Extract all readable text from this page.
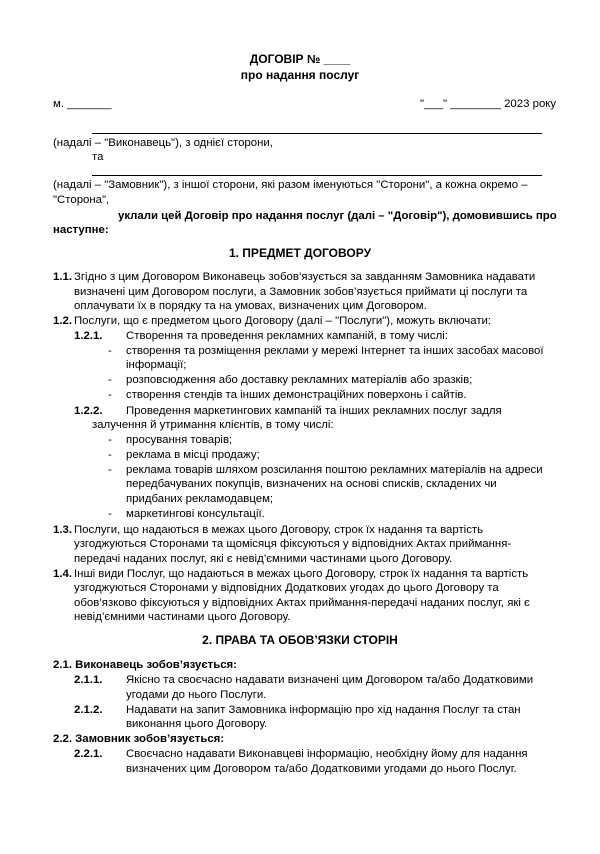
ДОГОВІР № ____
про надання послуг
м. _______	"___" ________ 2023 року
(надалі – "Виконавець"), з однієї сторони,
та
(надалі – "Замовник"), з іншої сторони, які разом іменуються "Сторони", а кожна окремо –
"Сторона",
уклали цей Договір про надання послуг (далі – "Договір"), домовившись про
наступне:
1. ПРЕДМЕТ ДОГОВОРУ
1.1. Згідно з цим Договором Виконавець зобов’язується за завданням Замовника надавати
визначені цим Договором послуги, а Замовник зобов’язується приймати ці послуги та
оплачувати їх в порядку та на умовах, визначених цим Договором.
1.2. Послуги, що є предметом цього Договору (далі – "Послуги"), можуть включати:
1.2.1. Створення та проведення рекламних кампаній, в тому числі:
- створення та розміщення реклами у мережі Інтернет та інших засобах масової
інформації;
- розповсюдження або доставку рекламних матеріалів або зразків;
- створення стендів та інших демонстраційних поверхонь і сайтів.
1.2.2. Проведення маркетингових кампаній та інших рекламних послуг задля
залучення й утримання клієнтів, в тому числі:
- просування товарів;
- реклама в місці продажу;
- реклама товарів шляхом розсилання поштою рекламних матеріалів на адреси
передбачуваних покупців, визначених на основі списків, складених чи
придбаних рекламодавцем;
- маркетингові консультації.
1.3. Послуги, що надаються в межах цього Договору, строк їх надання та вартість
узгоджуються Сторонами та щомісяця фіксуються у відповідних Актах приймання-
передачі наданих послуг, які є невід’ємними частинами цього Договору.
1.4. Інші види Послуг, що надаються в межах цього Договору, строк їх надання та вартість
узгоджуються Сторонами у відповідних Додаткових угодах до цього Договору та
обов’язково фіксуються у відповідних Актах приймання-передачі наданих послуг, які є
невід’ємними частинами цього Договору.
2. ПРАВА ТА ОБОВ’ЯЗКИ СТОРІН
2.1. Виконавець зобов’язується:
2.1.1. Якісно та своєчасно надавати визначені цим Договором та/або Додатковими
угодами до нього Послуги.
2.1.2. Надавати на запит Замовника інформацію про хід надання Послуг та стан
виконання цього Договору.
2.2. Замовник зобов’язується:
2.2.1. Своєчасно надавати Виконавцеві інформацію, необхідну йому для надання
визначених цим Договором та/або Додатковими угодами до нього Послуг.
